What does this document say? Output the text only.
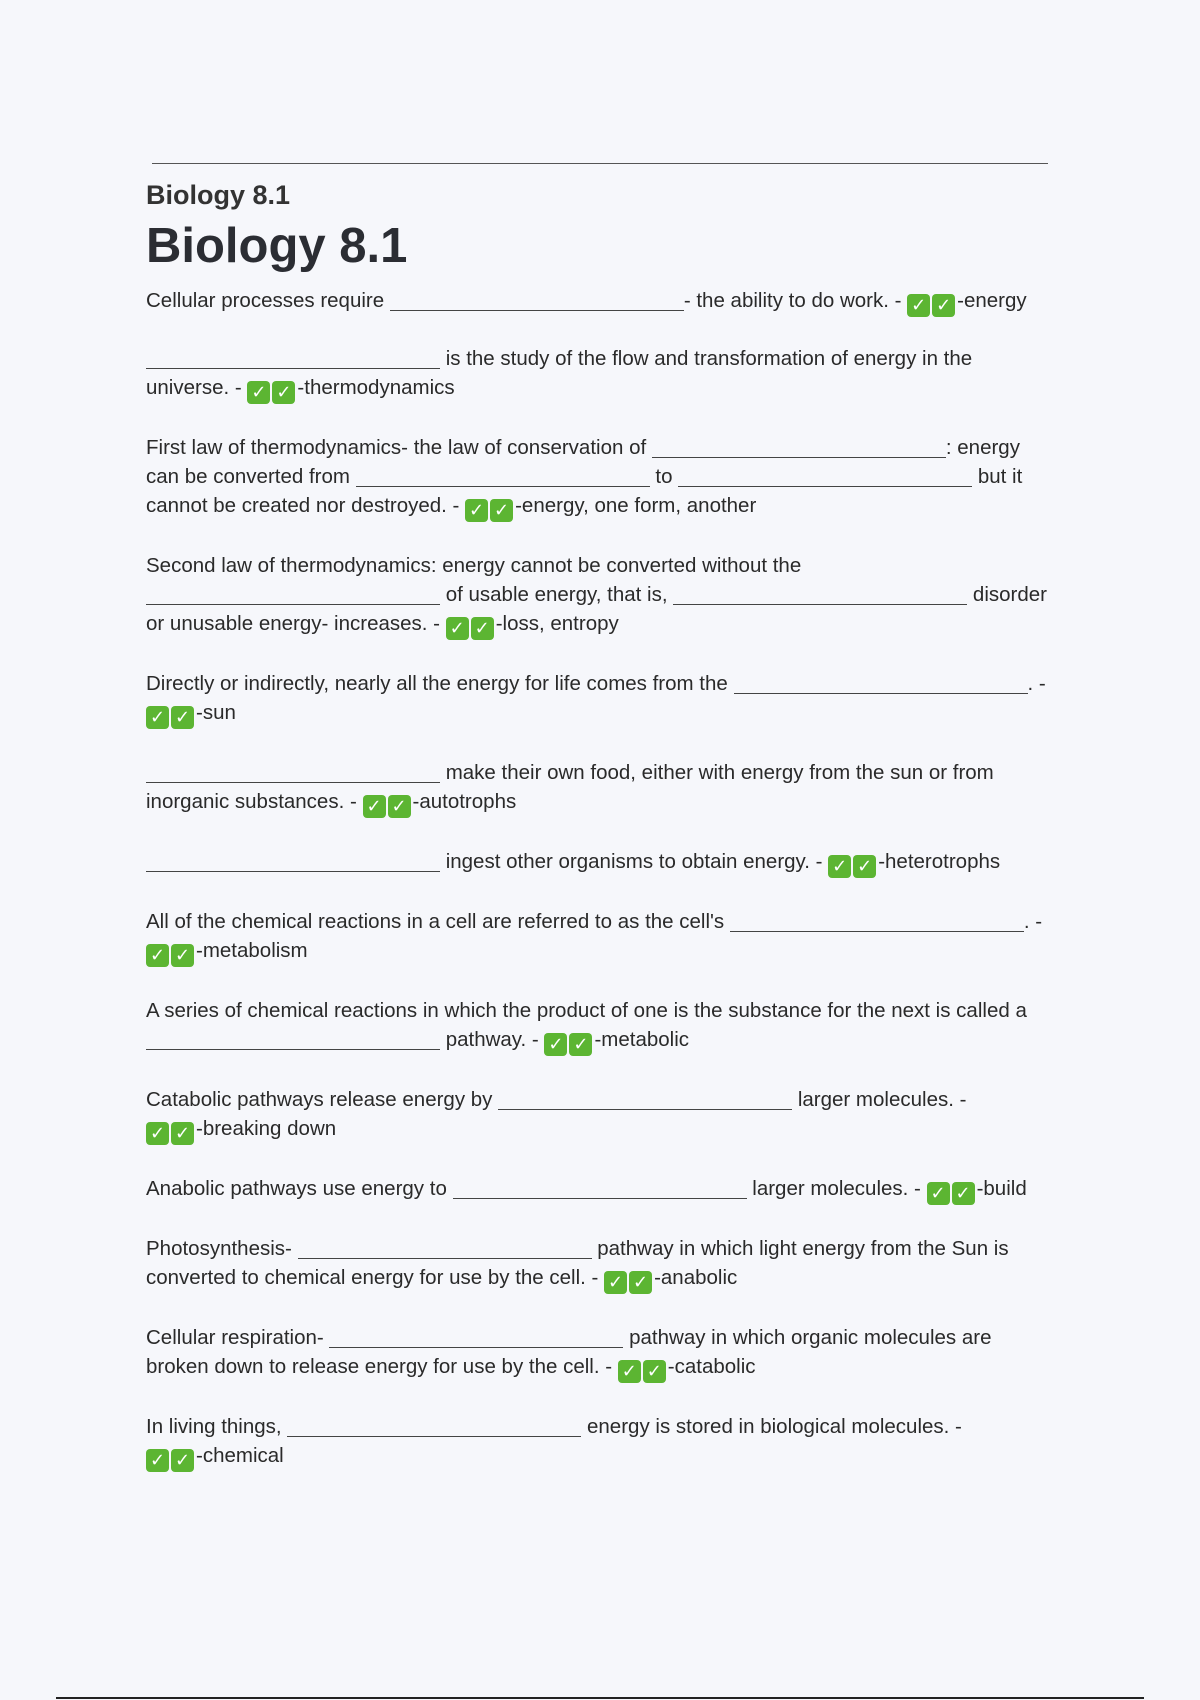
Biology 8.1
Biology 8.1

Cellular processes require	- the ability to do work. - ✓ ✓ -energy

is the study of the flow and transformation of energy in the universe. - ✓ ✓ -thermodynamics

First law of thermodynamics- the law of conservation of	: energy can be converted from	to	but it cannot be created nor destroyed. - ✓ ✓ -energy, one form, another

Second law of thermodynamics: energy cannot be converted without the  of usable energy, that is,	disorder or unusable energy- increases. - ✓ ✓ -loss, entropy

Directly or indirectly, nearly all the energy for life comes from the	. - ✓ ✓ -sun

make their own food, either with energy from the sun or from inorganic substances. - ✓ ✓ -autotrophs

ingest other organisms to obtain energy. - ✓ ✓ -heterotrophs

All of the chemical reactions in a cell are referred to as the cell's	. - ✓ ✓ -metabolism

A series of chemical reactions in which the product of one is the substance for the next is called a  pathway. - ✓ ✓ -metabolic

Catabolic pathways release energy by	larger molecules. - ✓ ✓ -breaking down

Anabolic pathways use energy to	larger molecules. - ✓ ✓ -build

Photosynthesis-	pathway in which light energy from the Sun is converted to chemical energy for use by the cell. - ✓ ✓ -anabolic

Cellular respiration-	pathway in which organic molecules are broken down to release energy for use by the cell. - ✓ ✓ -catabolic

In living things,	energy is stored in biological molecules. - ✓ ✓ -chemical
